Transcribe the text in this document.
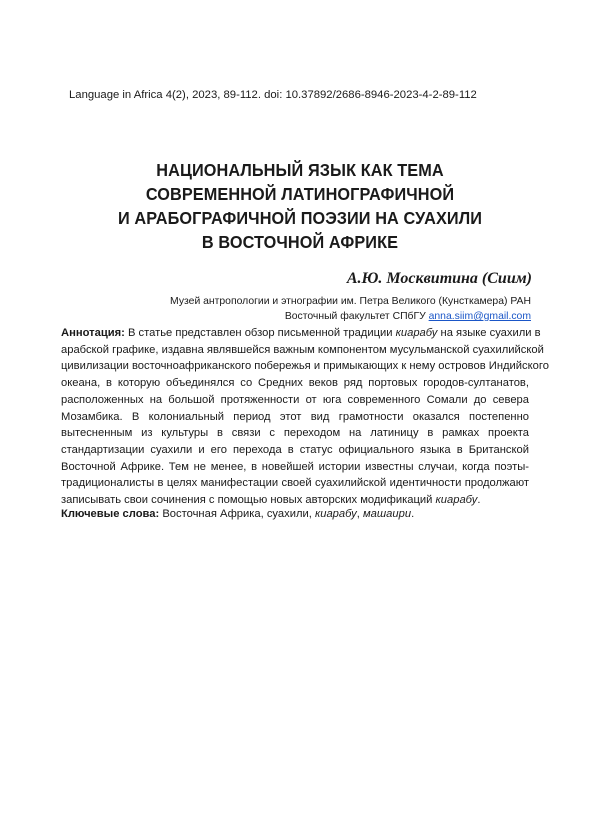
Language in Africa 4(2), 2023, 89-112. doi: 10.37892/2686-8946-2023-4-2-89-112
НАЦИОНАЛЬНЫЙ ЯЗЫК КАК ТЕМА
СОВРЕМЕННОЙ ЛАТИНОГРАФИЧНОЙ
И АРАБОГРАФИЧНОЙ ПОЭЗИИ НА СУАХИЛИ
В ВОСТОЧНОЙ АФРИКЕ
А.Ю. Москвитина (Сиим)
Музей антропологии и этнографии им. Петра Великого (Кунсткамера) РАН
Восточный факультет СПбГУ anna.siim@gmail.com
Аннотация: В статье представлен обзор письменной традиции киарабу на языке суахили в
арабской графике, издавна являвшейся важным компонентом мусульманской суахилийской
цивилизации восточноафриканского побережья и примыкающих к нему островов Индийского
океана, в которую объединялся со Средних веков ряд портовых городов-султанатов,
расположенных на большой протяженности от юга современного Сомали до севера
Мозамбика. В колониальный период этот вид грамотности оказался постепенно
вытесненным из культуры в связи с переходом на латиницу в рамках проекта
стандартизации суахили и его перехода в статус официального языка в Британской
Восточной Африке. Тем не менее, в новейшей истории известны случаи, когда поэты-
традиционалисты в целях манифестации своей суахилийской идентичности продолжают
записывать свои сочинения с помощью новых авторских модификаций киарабу.
Ключевые слова: Восточная Африка, суахили, киарабу, машаири.
